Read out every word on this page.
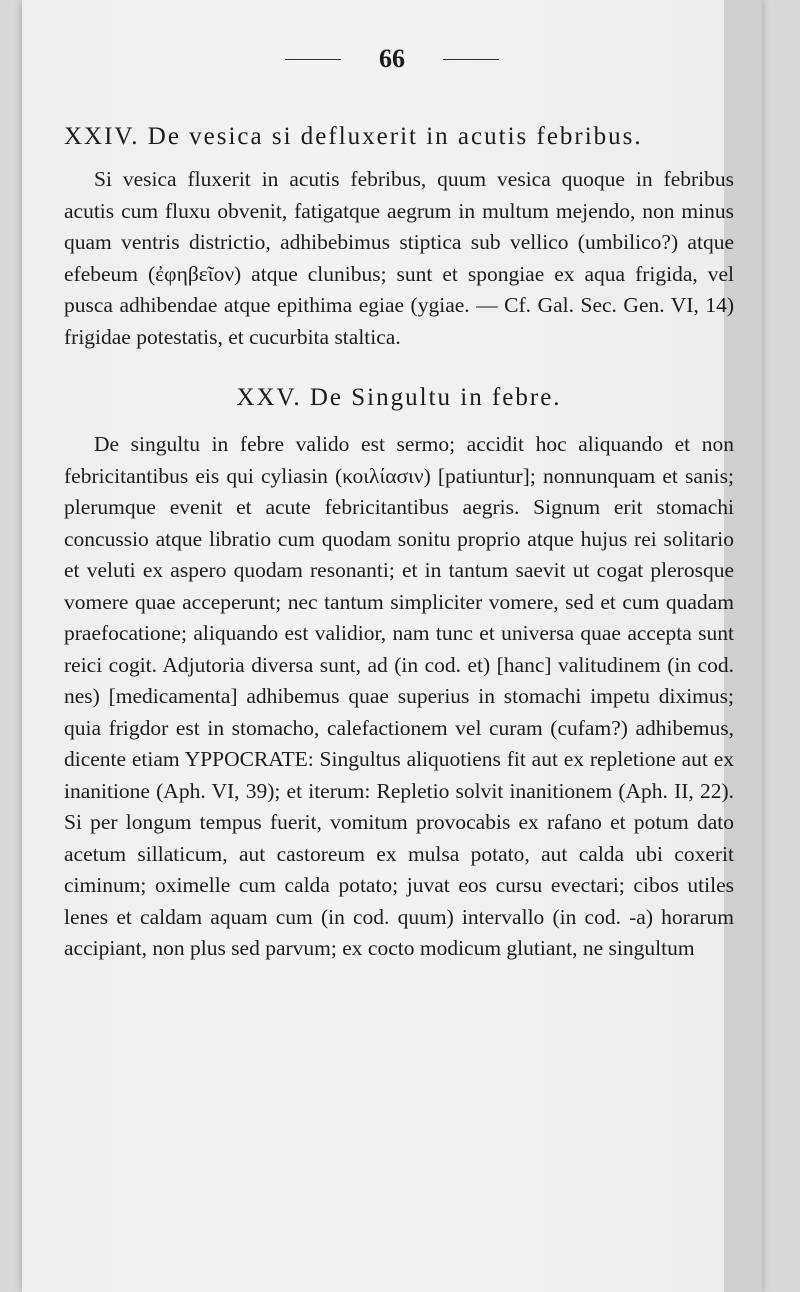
66
XXIV. De vesica si defluxerit in acutis febribus.

Si vesica fluxerit in acutis febribus, quum vesica quoque in febribus acutis cum fluxu obvenit, fatigatque aegrum in multum mejendo, non minus quam ventris districtio, adhibebimus stiptica sub vellico (umbilico?) atque efebeum (ἐφηβεῖον) atque clunibus; sunt et spongiae ex aqua frigida, vel pusca adhibendae atque epithima egiae (ygiae. — Cf. Gal. Sec. Gen. VI, 14) frigidae potestatis, et cucurbita staltica.

XXV. De Singultu in febre.

De singultu in febre valido est sermo; accidit hoc aliquando et non febricitantibus eis qui cyliasin (κοιλίασιν) [patiuntur]; nonnunquam et sanis; plerumque evenit et acute febricitantibus aegris. Signum erit stomachi concussio atque libratio cum quodam sonitu proprio atque hujus rei solitario et veluti ex aspero quodam resonanti; et in tantum saevit ut cogat plerosque vomere quae acceperunt; nec tantum simpliciter vomere, sed et cum quadam praefocatione; aliquando est validior, nam tunc et universa quae accepta sunt reici cogit. Adjutoria diversa sunt, ad (in cod. et) [hanc] valitudinem (in cod. nes) [medicamenta] adhibemus quae superius in stomachi impetu diximus; quia frigdor est in stomacho, calefactionem vel curam (cufam?) adhibemus, dicente etiam YPPOCRATE: Singultus aliquotiens fit aut ex repletione aut ex inanitione (Aph. VI, 39); et iterum: Repletio solvit inanitionem (Aph. II, 22). Si per longum tempus fuerit, vomitum provocabis ex rafano et potum dato acetum sillaticum, aut castoreum ex mulsa potato, aut calda ubi coxerit ciminum; oximelle cum calda potato; juvat eos cursu evectari; cibos utiles lenes et caldam aquam cum (in cod. quum) intervallo (in cod. -a) horarum accipiant, non plus sed parvum; ex cocto modicum glutiant, ne singultum
